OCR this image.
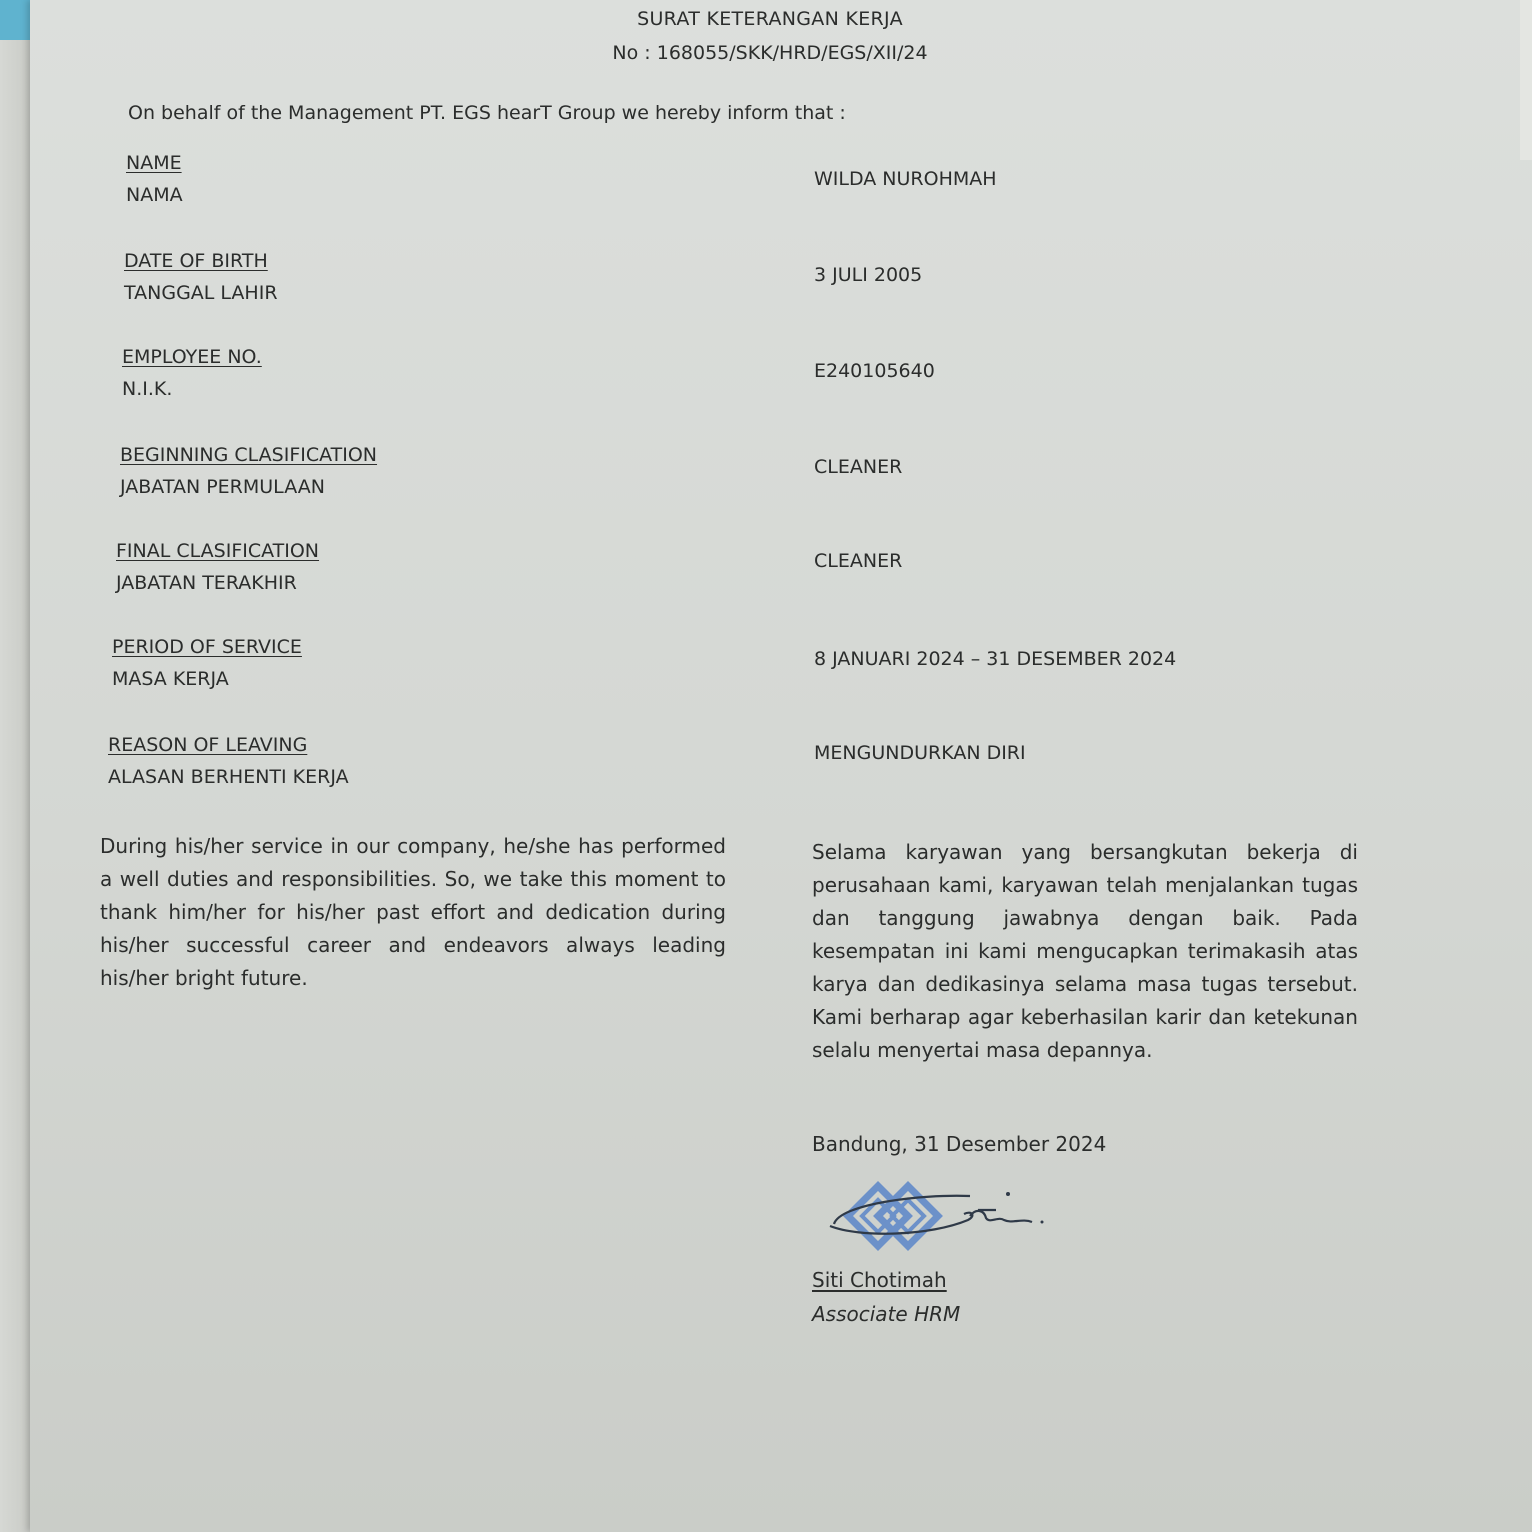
SURAT KETERANGAN KERJA
No : 168055/SKK/HRD/EGS/XII/24
On behalf of the Management PT. EGS hearT Group we hereby inform that :
NAME
NAMA
WILDA NUROHMAH
DATE OF BIRTH
TANGGAL LAHIR
3 JULI 2005
EMPLOYEE NO.
N.I.K.
E240105640
BEGINNING CLASIFICATION
JABATAN PERMULAAN
CLEANER
FINAL CLASIFICATION
JABATAN TERAKHIR
CLEANER
PERIOD OF SERVICE
MASA KERJA
8 JANUARI 2024 – 31 DESEMBER 2024
REASON OF LEAVING
ALASAN BERHENTI KERJA
MENGUNDURKAN DIRI
During his/her service in our company, he/she has performed a well duties and responsibilities. So, we take this moment to thank him/her for his/her past effort and dedication during his/her successful career and endeavors always leading his/her bright future.
Selama karyawan yang bersangkutan bekerja di perusahaan kami, karyawan telah menjalankan tugas dan tanggung jawabnya dengan baik. Pada kesempatan ini kami mengucapkan terimakasih atas karya dan dedikasinya selama masa tugas tersebut. Kami berharap agar keberhasilan karir dan ketekunan selalu menyertai masa depannya.
Bandung, 31 Desember 2024
Siti Chotimah
Associate HRM
